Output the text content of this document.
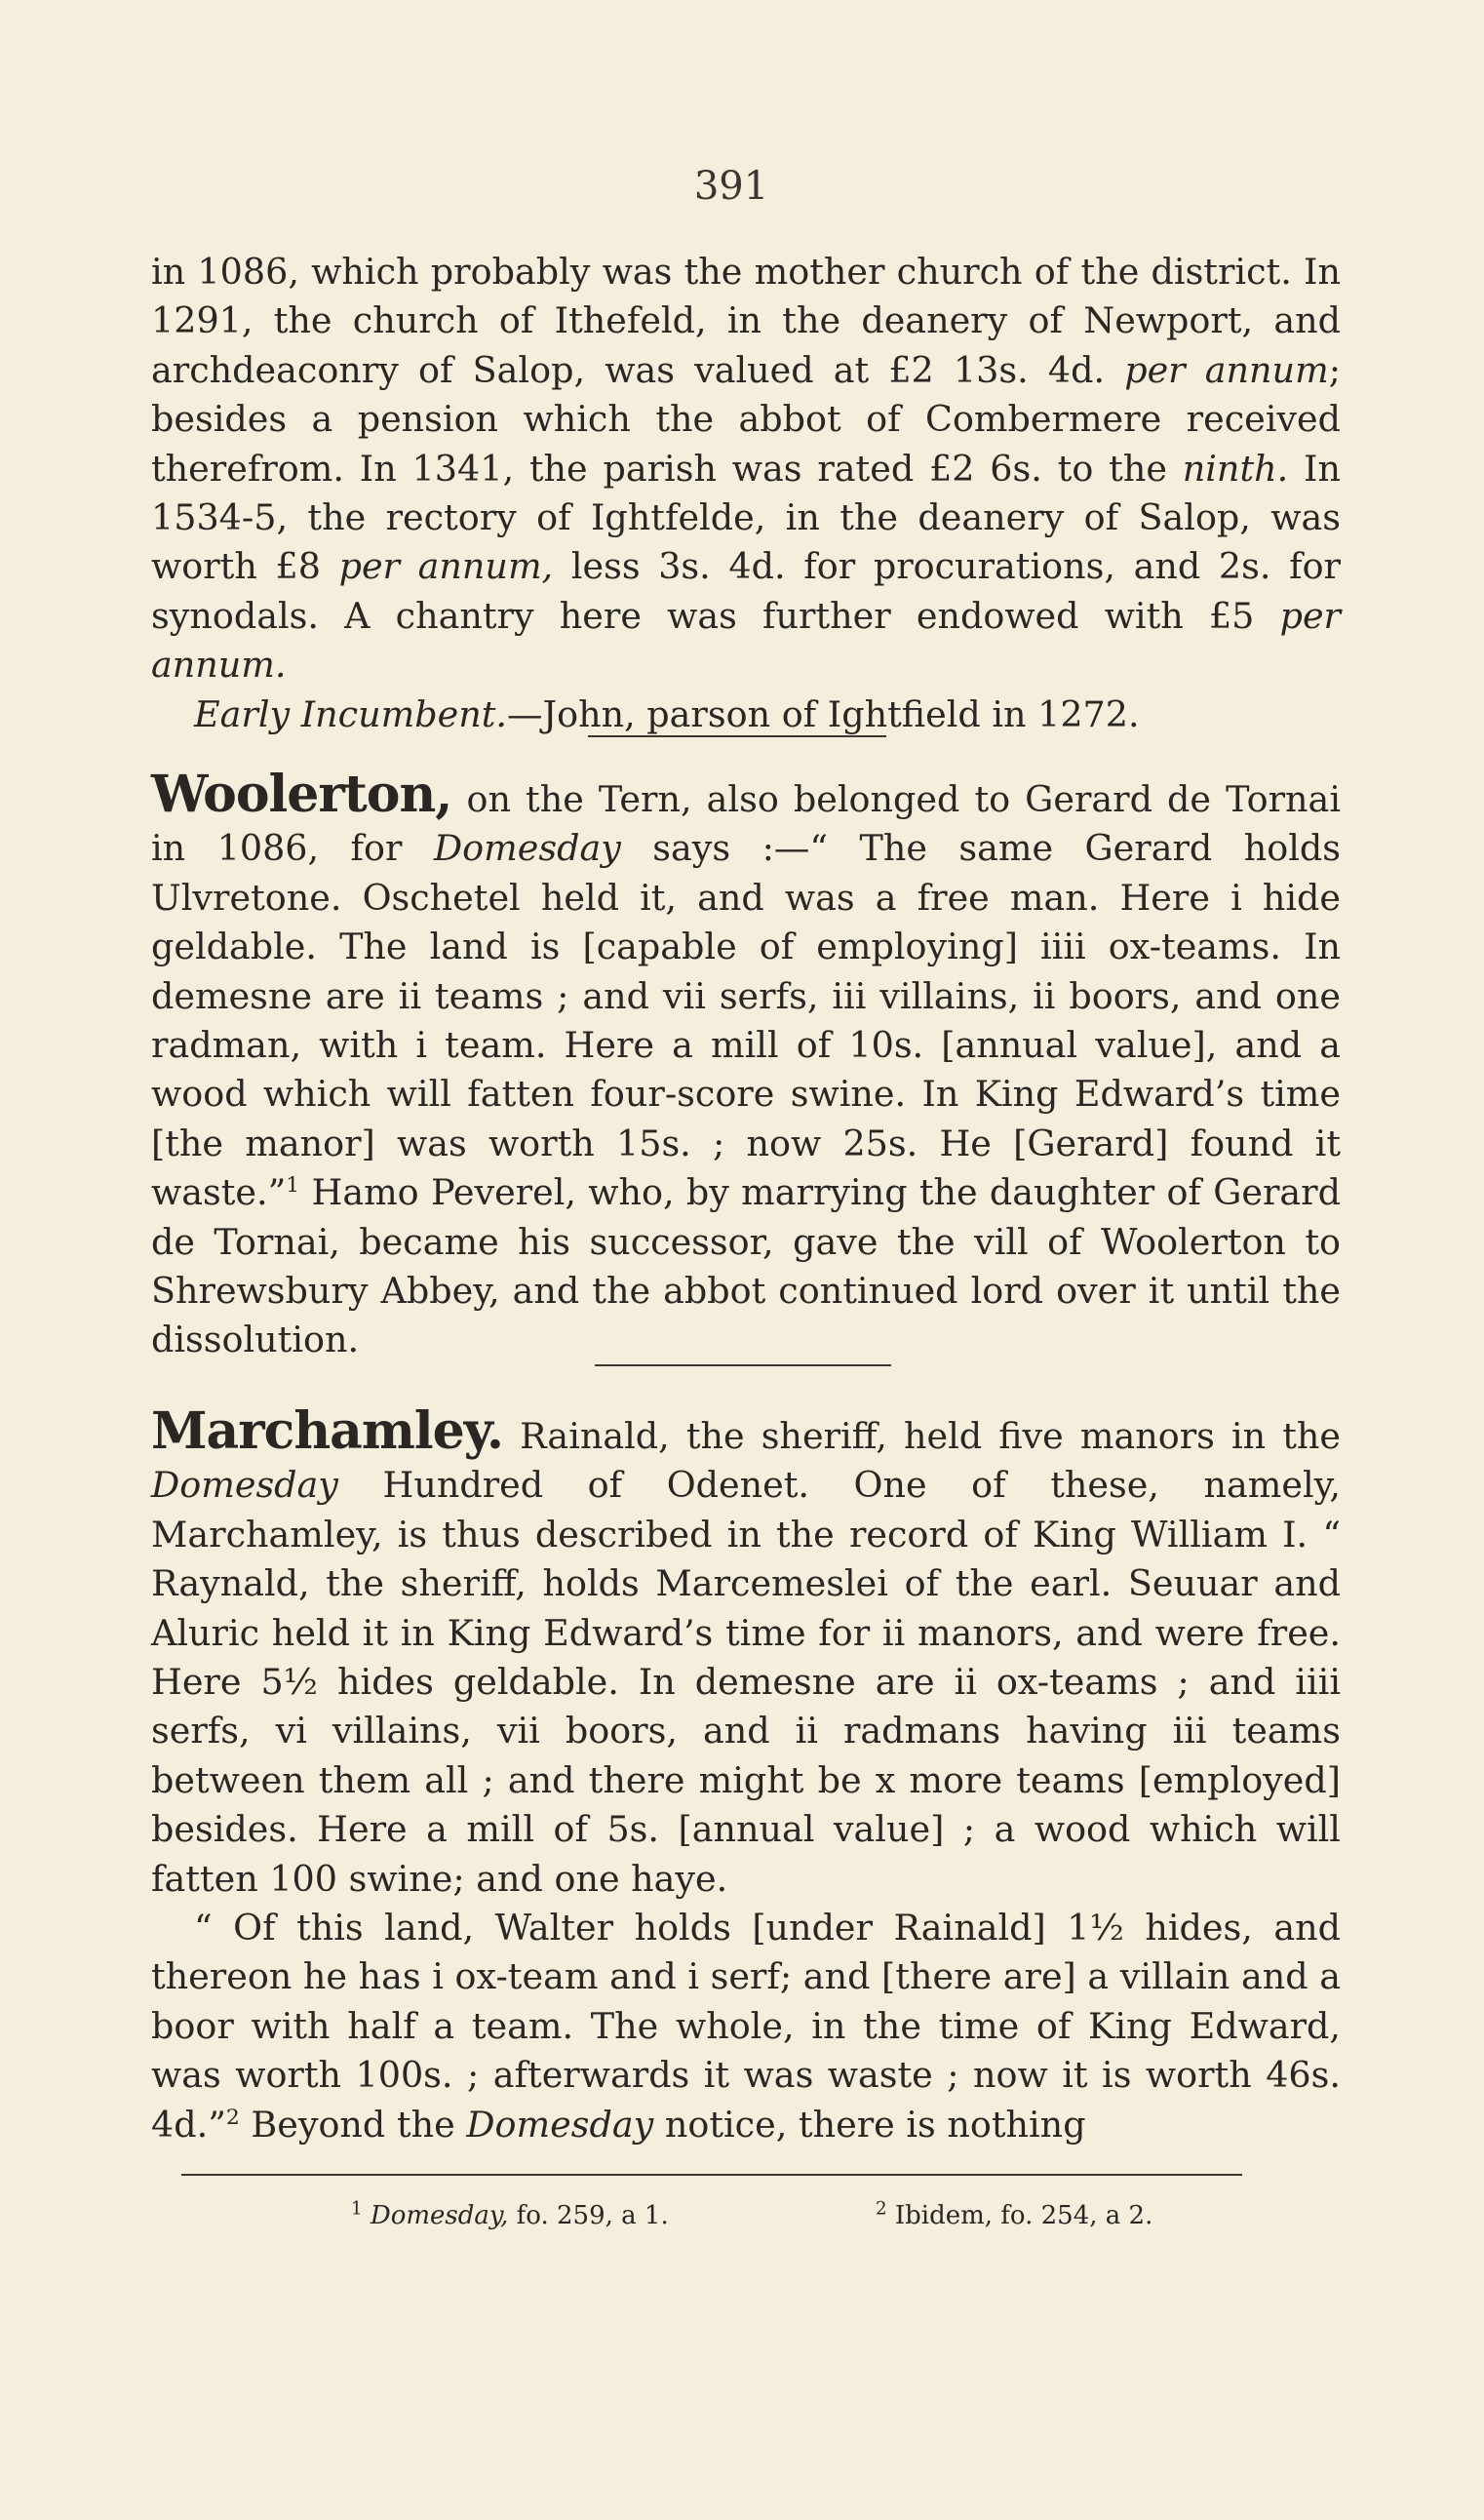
391

in 1086, which probably was the mother church of the district. In 1291, the church of Ithefeld, in the deanery of Newport, and archdeaconry of Salop, was valued at £2 13s. 4d. per annum; besides a pension which the abbot of Combermere received therefrom. In 1341, the parish was rated £2 6s. to the ninth. In 1534-5, the rectory of Ightfelde, in the deanery of Salop, was worth £8 per annum, less 3s. 4d. for procurations, and 2s. for synodals. A chantry here was further endowed with £5 per annum.

Early Incumbent.—John, parson of Ightfield in 1272.

Woolerton, on the Tern, also belonged to Gerard de Tornai in 1086, for Domesday says :—“ The same Gerard holds Ulvretone. Oschetel held it, and was a free man. Here i hide geldable. The land is [capable of employing] iiii ox-teams. In demesne are ii teams ; and vii serfs, iii villains, ii boors, and one radman, with i team. Here a mill of 10s. [annual value], and a wood which will fatten four-score swine. In King Edward’s time [the manor] was worth 15s. ; now 25s. He [Gerard] found it waste.”$^1$ Hamo Peverel, who, by marrying the daughter of Gerard de Tornai, became his successor, gave the vill of Woolerton to Shrewsbury Abbey, and the abbot continued lord over it until the dissolution.

Marchamley. Rainald, the sheriff, held five manors in the Domesday Hundred of Odenet. One of these, namely, Marchamley, is thus described in the record of King William I. “ Raynald, the sheriff, holds Marcemeslei of the earl. Seuuar and Aluric held it in King Edward’s time for ii manors, and were free. Here 5½ hides geldable. In demesne are ii ox-teams ; and iiii serfs, vi villains, vii boors, and ii radmans having iii teams between them all ; and there might be x more teams [employed] besides. Here a mill of 5s. [annual value] ; a wood which will fatten 100 swine; and one haye.

“ Of this land, Walter holds [under Rainald] 1½ hides, and thereon he has i ox-team and i serf; and [there are] a villain and a boor with half a team. The whole, in the time of King Edward, was worth 100s. ; afterwards it was waste ; now it is worth 46s. 4d.”$^2$ Beyond the Domesday notice, there is nothing

$^1$ Domesday, fo. 259, a 1.	$^2$ Ibidem, fo. 254, a 2.
